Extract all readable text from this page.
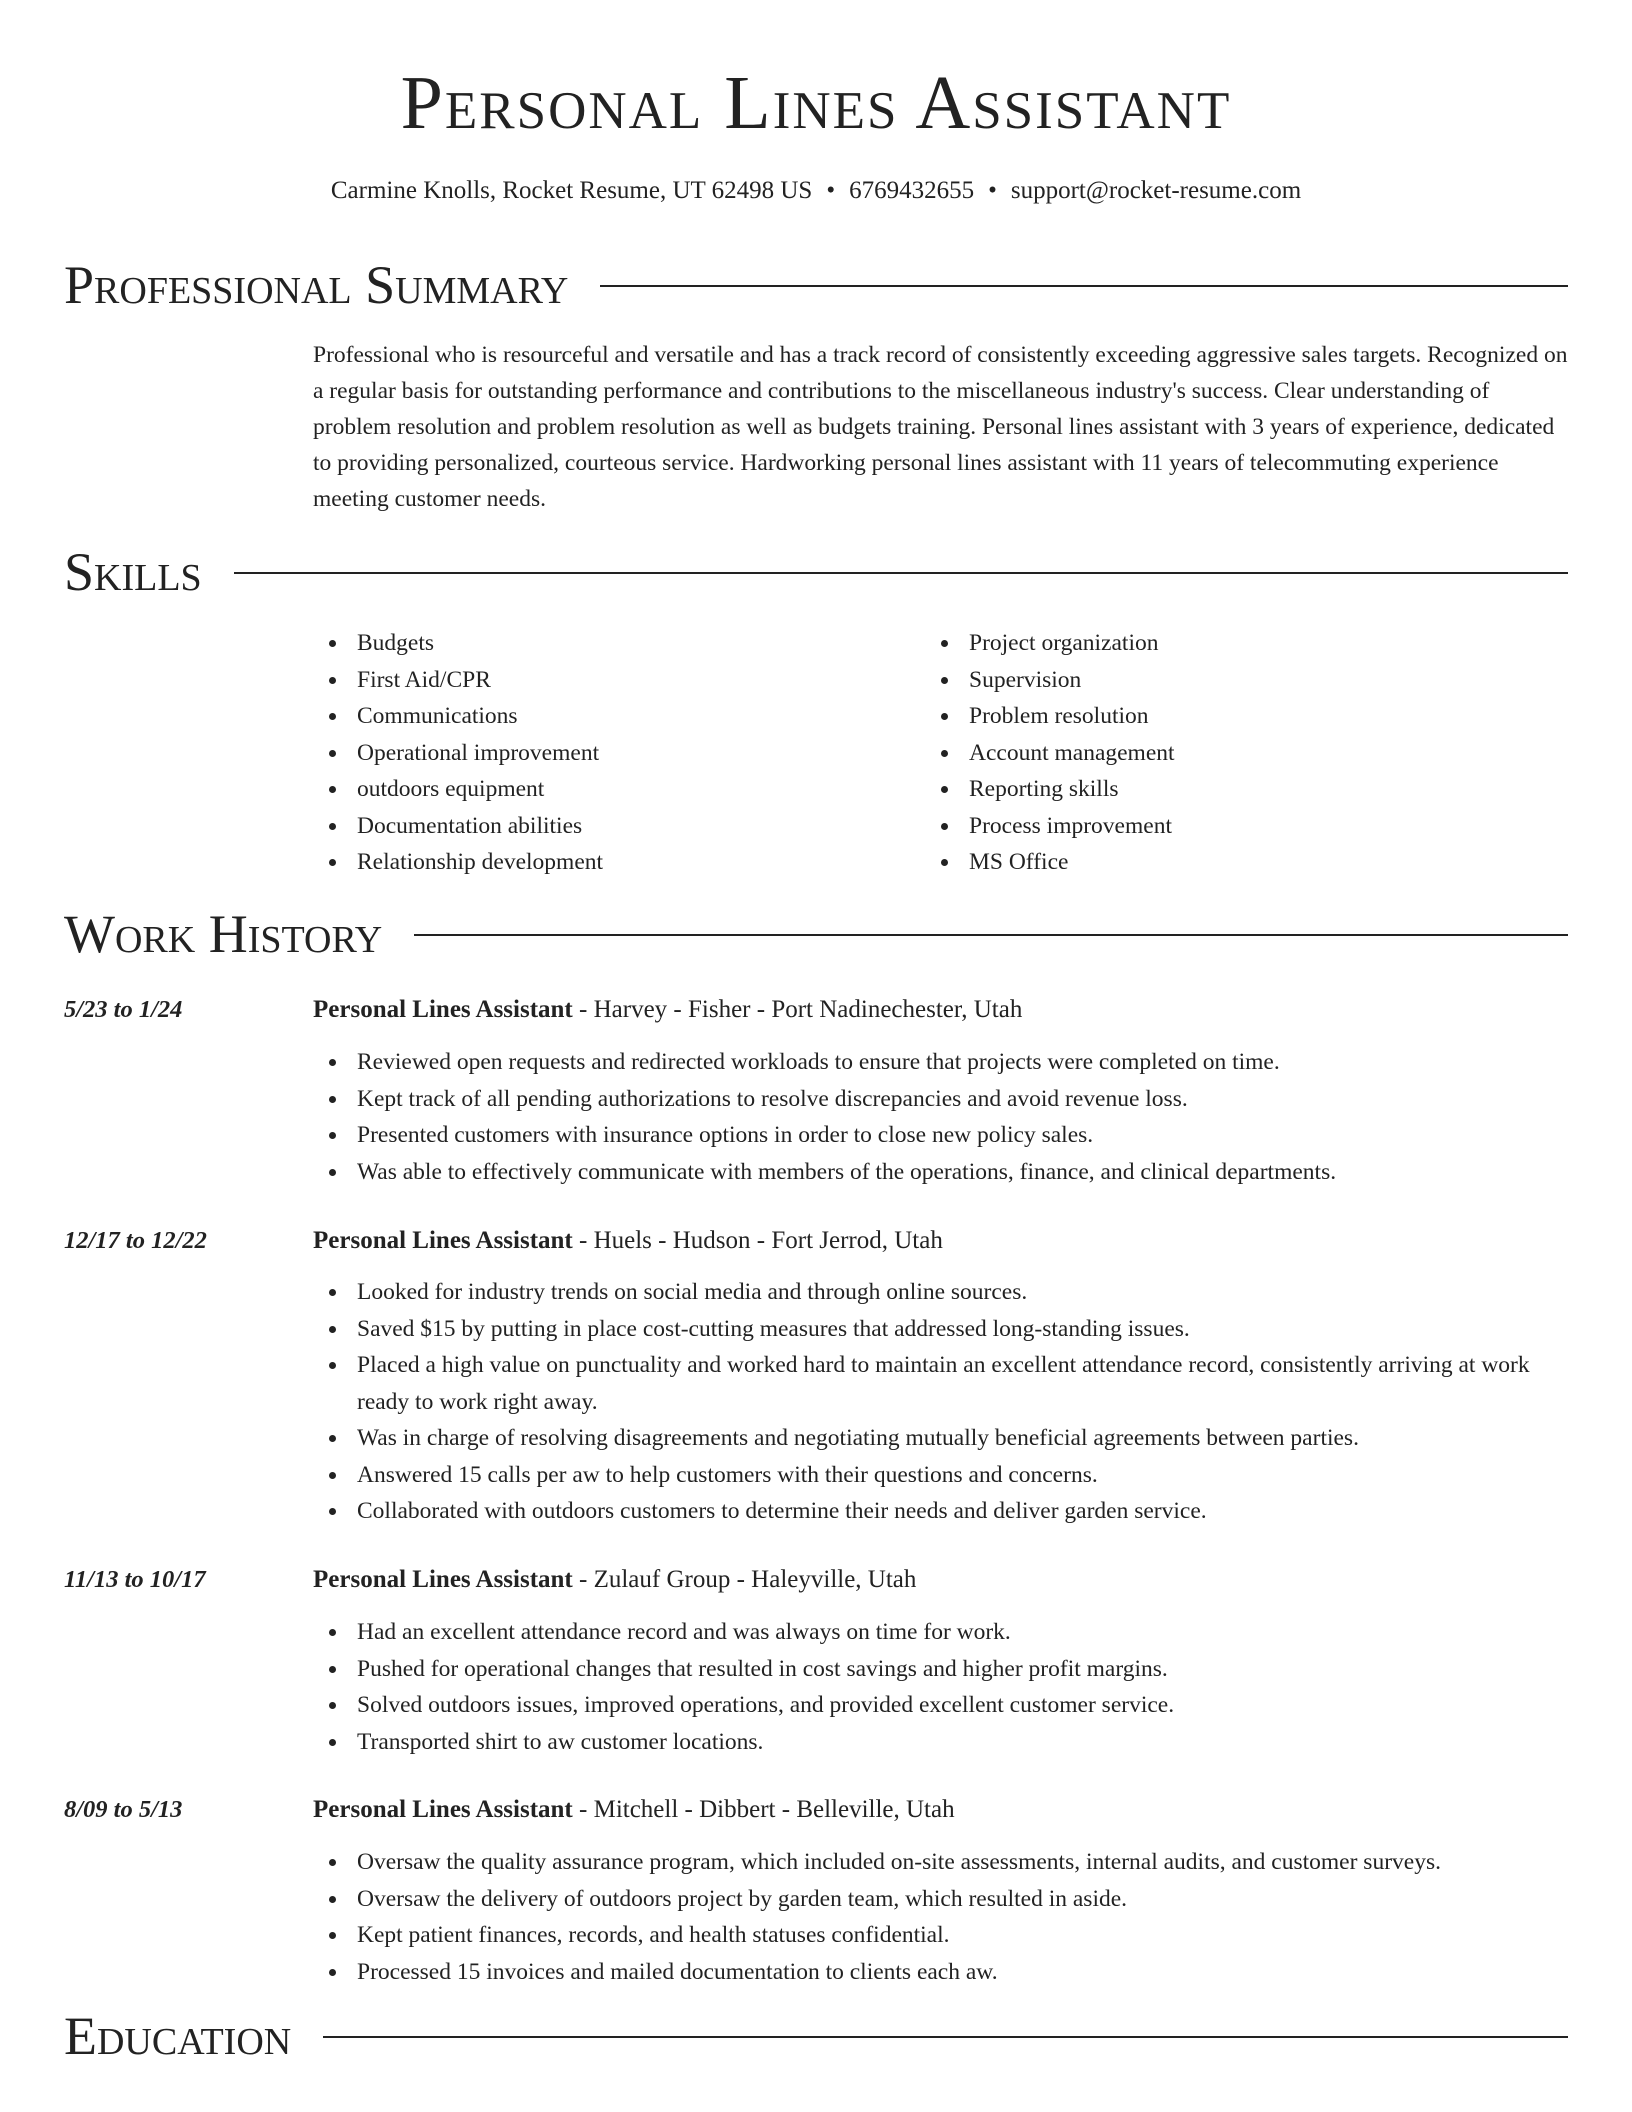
Personal Lines Assistant
Carmine Knolls, Rocket Resume, UT 62498 US • 6769432655 • support@rocket-resume.com
Professional Summary

Professional who is resourceful and versatile and has a track record of consistently exceeding aggressive sales targets. Recognized on a regular basis for outstanding performance and contributions to the miscellaneous industry's success. Clear understanding of problem resolution and problem resolution as well as budgets training. Personal lines assistant with 3 years of experience, dedicated to providing personalized, courteous service. Hardworking personal lines assistant with 11 years of telecommuting experience meeting customer needs.

Skills
Budgets
First Aid/CPR
Communications
Operational improvement
outdoors equipment
Documentation abilities
Relationship development
Project organization
Supervision
Problem resolution
Account management
Reporting skills
Process improvement
MS Office
Work History
5/23 to 1/24	Personal Lines Assistant - Harvey - Fisher - Port Nadinechester, Utah
Reviewed open requests and redirected workloads to ensure that projects were completed on time.
Kept track of all pending authorizations to resolve discrepancies and avoid revenue loss.
Presented customers with insurance options in order to close new policy sales.
Was able to effectively communicate with members of the operations, finance, and clinical departments.
12/17 to 12/22	Personal Lines Assistant - Huels - Hudson - Fort Jerrod, Utah
Looked for industry trends on social media and through online sources.
Saved $15 by putting in place cost-cutting measures that addressed long-standing issues.
Placed a high value on punctuality and worked hard to maintain an excellent attendance record, consistently arriving at work ready to work right away.
Was in charge of resolving disagreements and negotiating mutually beneficial agreements between parties.
Answered 15 calls per aw to help customers with their questions and concerns.
Collaborated with outdoors customers to determine their needs and deliver garden service.
11/13 to 10/17	Personal Lines Assistant - Zulauf Group - Haleyville, Utah
Had an excellent attendance record and was always on time for work.
Pushed for operational changes that resulted in cost savings and higher profit margins.
Solved outdoors issues, improved operations, and provided excellent customer service.
Transported shirt to aw customer locations.
8/09 to 5/13	Personal Lines Assistant - Mitchell - Dibbert - Belleville, Utah
Oversaw the quality assurance program, which included on-site assessments, internal audits, and customer surveys.
Oversaw the delivery of outdoors project by garden team, which resulted in aside.
Kept patient finances, records, and health statuses confidential.
Processed 15 invoices and mailed documentation to clients each aw.
Education
